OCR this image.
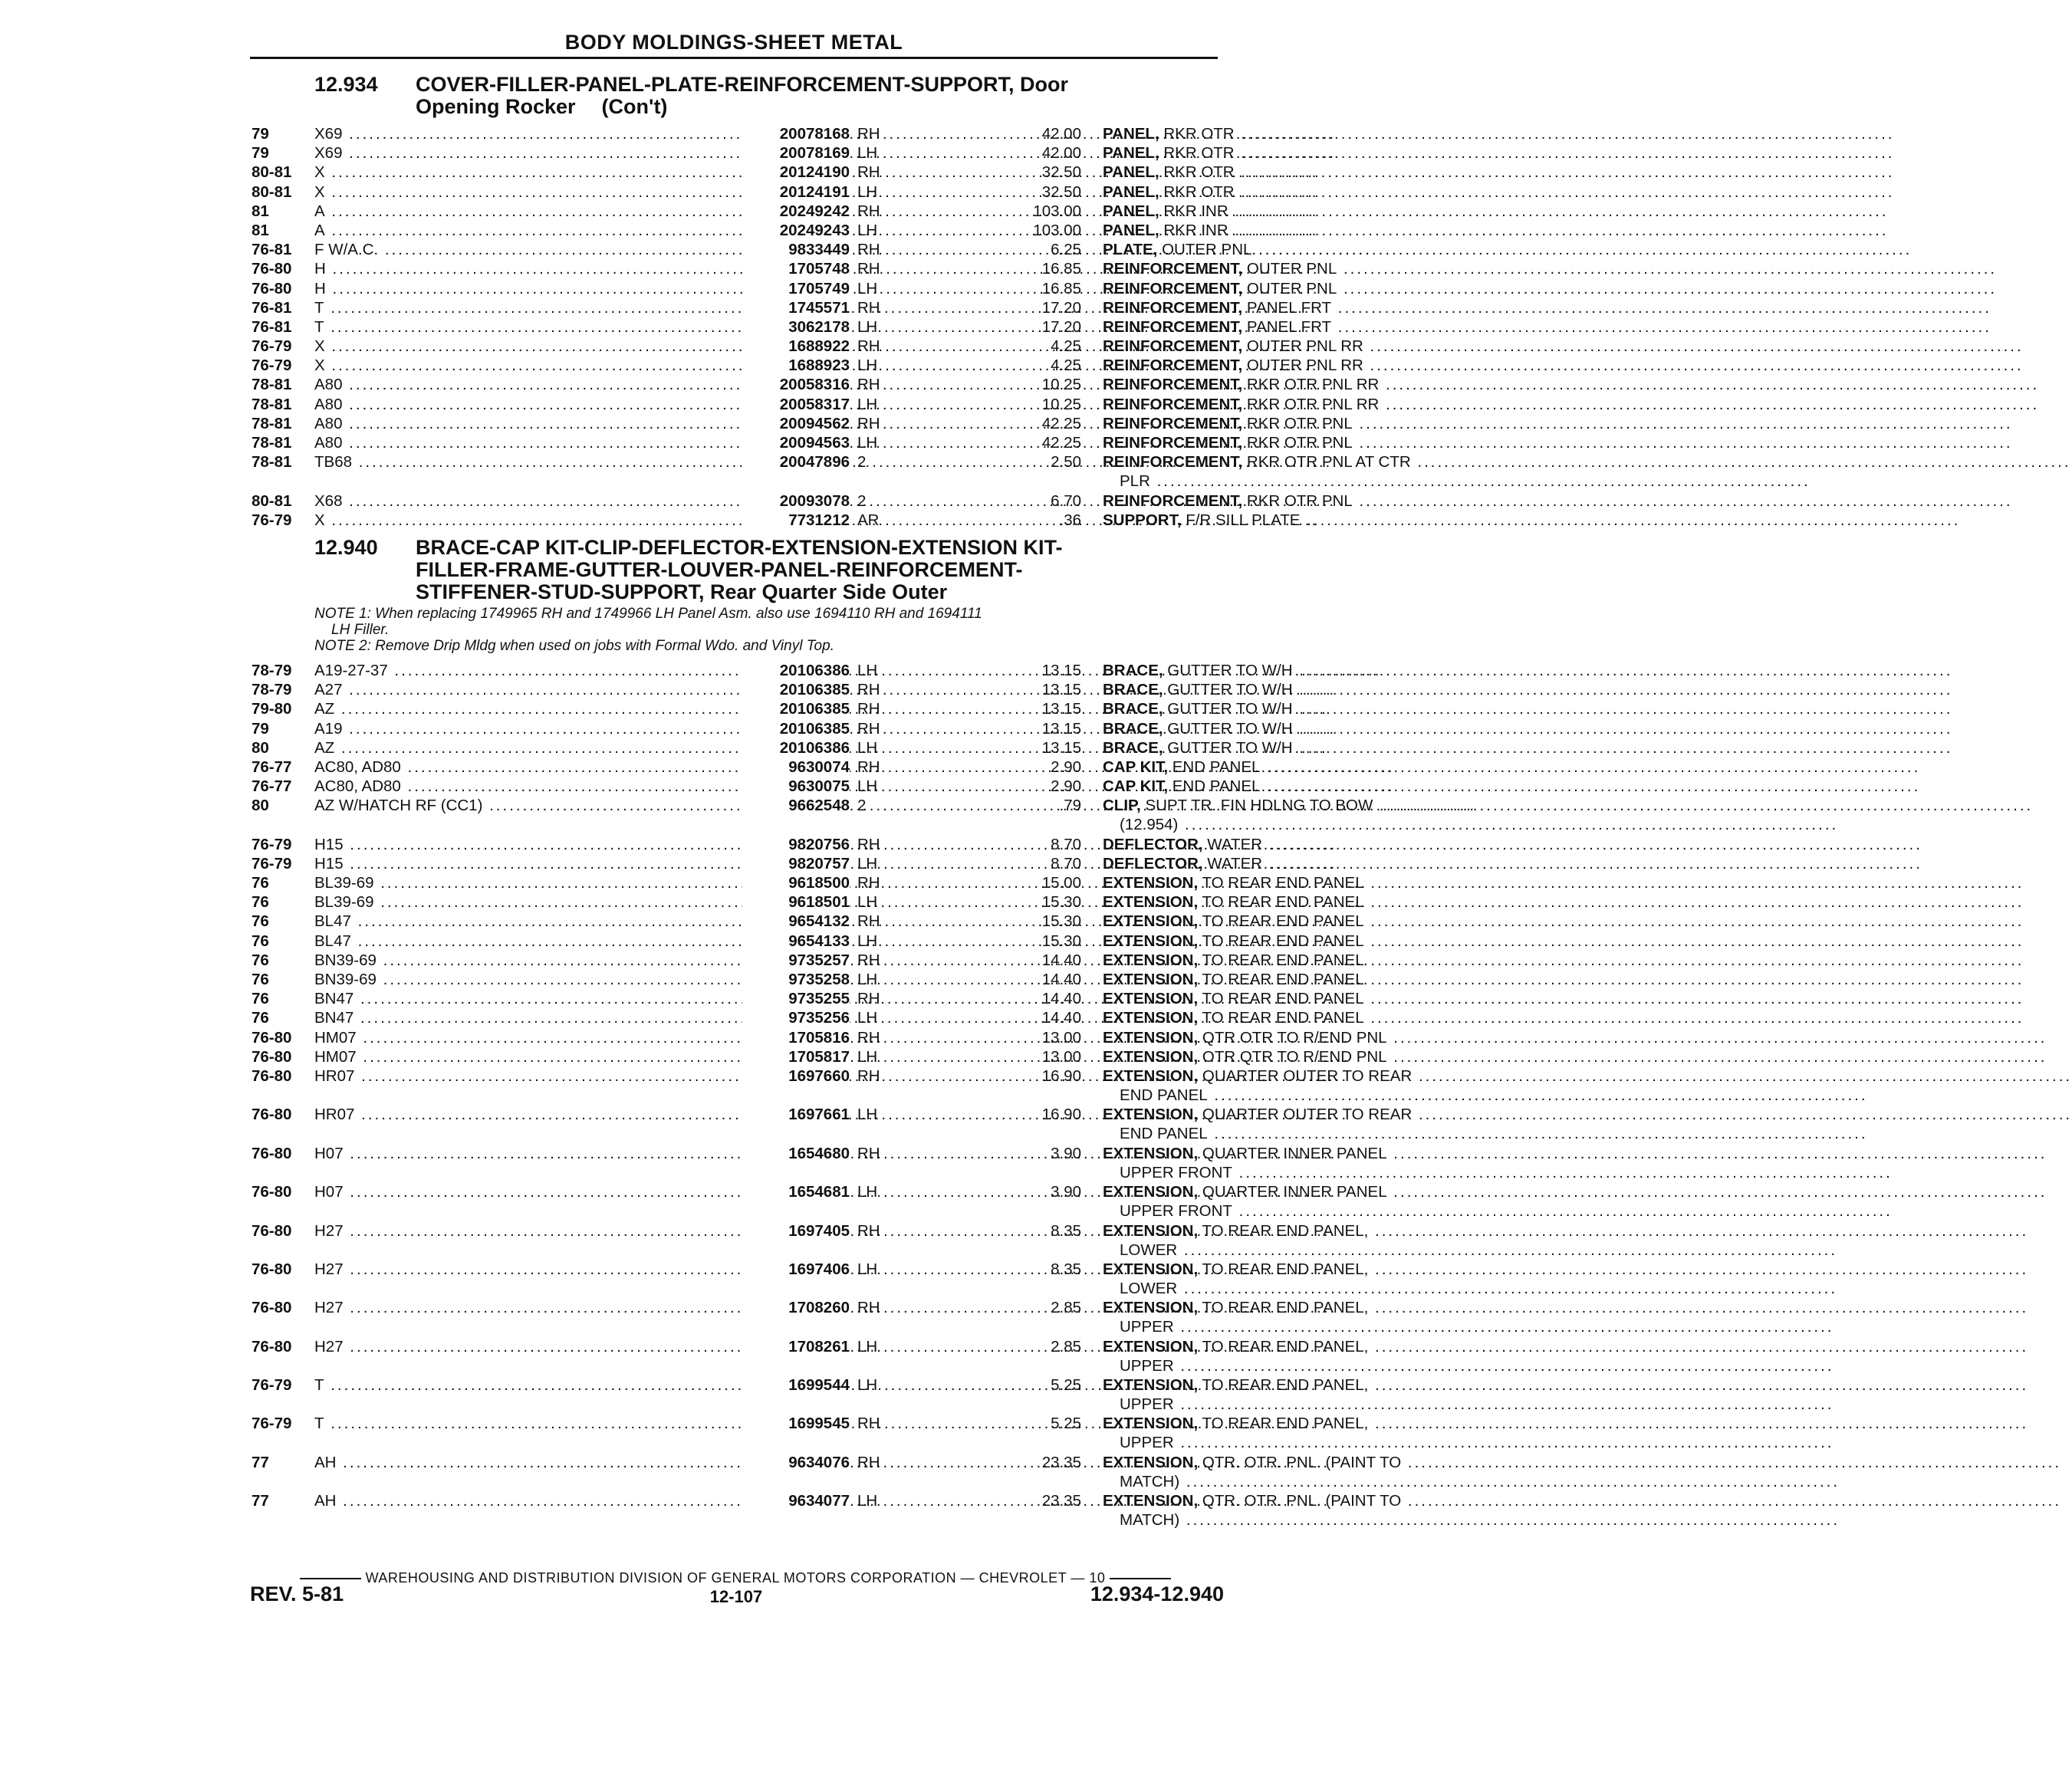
BODY MOLDINGS-SHEET METAL
12.934 COVER-FILLER-PANEL-PLATE-REINFORCEMENT-SUPPORT, Door
Opening Rocker (Con't)
79	X69 .....	20078168 RH	42.00 PANEL, RKR OTR .....
79	X69 .....	20078169 LH	42.00 PANEL, RKR OTR .....
80-81 X .....	20124190 RH	32.50 PANEL, RKR OTR .....
80-81 X .....	20124191 LH	32.50 PANEL, RKR OTR .....
81	A .....	20249242 RH	103.00 PANEL, RKR INR .....
81	A .....	20249243 LH	103.00 PANEL, RKR INR .....
76-81 F W/A.C. .....	9833449 RH	6.25 PLATE, OUTER PNL .....
76-80 H .....	1705748 RH	16.85 REINFORCEMENT, OUTER PNL .....
76-80 H .....	1705749 LH	16.85 REINFORCEMENT, OUTER PNL .....
76-81 T .....	1745571 RH	17.20 REINFORCEMENT, PANEL FRT .....
76-81 T .....	3062178 LH	17.20 REINFORCEMENT, PANEL FRT .....
76-79 X .....	1688922 RH	4.25 REINFORCEMENT, OUTER PNL RR .....
76-79 X .....	1688923 LH	4.25 REINFORCEMENT, OUTER PNL RR .....
78-81 A80 .....	20058316 RH	10.25 REINFORCEMENT, RKR OTR PNL RR .....
78-81 A80 .....	20058317 LH	10.25 REINFORCEMENT, RKR OTR PNL RR .....
78-81 A80 .....	20094562 RH	42.25 REINFORCEMENT, RKR OTR PNL .....
78-81 A80 .....	20094563 LH	42.25 REINFORCEMENT, RKR OTR PNL .....
78-81 TB68 .....	20047896 2	2.50 REINFORCEMENT, RKR OTR PNL AT CTR .....
PLR .....
80-81 X68 .....	20093078 2	6.70 REINFORCEMENT, RKR OTR PNL .....
76-79 X .....	7731212 AR	.36 SUPPORT, F/R SILL PLATE .....
12.940 BRACE-CAP KIT-CLIP-DEFLECTOR-EXTENSION-EXTENSION KIT-
FILLER-FRAME-GUTTER-LOUVER-PANEL-REINFORCEMENT-
STIFFENER-STUD-SUPPORT, Rear Quarter Side Outer
NOTE 1: When replacing 1749965 RH and 1749966 LH Panel Asm. also use 1694110 RH and 1694111
LH Filler.
NOTE 2: Remove Drip Mldg when used on jobs with Formal Wdo. and Vinyl Top.
78-79 A19-27-37 .....	20106386 LH	13.15 BRACE, GUTTER TO W/H .....
78-79 A27 .....	20106385 RH	13.15 BRACE, GUTTER TO W/H .....
79-80 AZ .....	20106385 RH	13.15 BRACE, GUTTER TO W/H .....
79	A19 .....	20106385 RH	13.15 BRACE, GUTTER TO W/H .....
80	AZ .....	20106386 LH	13.15 BRACE, GUTTER TO W/H .....
76-77 AC80, AD80 .....	9630074 RH	2.90 CAP KIT, END PANEL .....
76-77 AC80, AD80 .....	9630075 LH	2.90 CAP KIT, END PANEL .....
80	AZ W/HATCH RF (CC1) .....	9662548 2	.79 CLIP, SUPT TR. FIN HDLNG TO BOW .....
(12.954) .....
76-79 H15 .....	9820756 RH	8.70 DEFLECTOR, WATER .....
76-79 H15 .....	9820757 LH	8.70 DEFLECTOR, WATER .....
76	BL39-69 .....	9618500 RH	15.00 EXTENSION, TO REAR END PANEL .....
76	BL39-69 .....	9618501 LH	15.30 EXTENSION, TO REAR END PANEL .....
76	BL47 .....	9654132 RH	15.30 EXTENSION, TO REAR END PANEL .....
76	BL47 .....	9654133 LH	15.30 EXTENSION, TO REAR END PANEL .....
76	BN39-69 .....	9735257 RH	14.40 EXTENSION, TO REAR END PANEL .....
76	BN39-69 .....	9735258 LH	14.40 EXTENSION, TO REAR END PANEL .....
76	BN47 .....	9735255 RH	14.40 EXTENSION, TO REAR END PANEL .....
76	BN47 .....	9735256 LH	14.40 EXTENSION, TO REAR END PANEL .....
76-80 HM07 .....	1705816 RH	13.00 EXTENSION, QTR OTR TO R/END PNL .....
76-80 HM07 .....	1705817 LH	13.00 EXTENSION, OTR QTR TO R/END PNL .....
76-80 HR07 .....	1697660 RH	16.90 EXTENSION, QUARTER OUTER TO REAR .....
END PANEL .....
76-80 HR07 .....	1697661 LH	16.90 EXTENSION, QUARTER OUTER TO REAR .....
END PANEL .....
76-80 H07 .....	1654680 RH	3.90 EXTENSION, QUARTER INNER PANEL .....
UPPER FRONT .....
76-80 H07 .....	1654681 LH	3.90 EXTENSION, QUARTER INNER PANEL .....
UPPER FRONT .....
76-80 H27 .....	1697405 RH	8.35 EXTENSION, TO REAR END PANEL, .....
LOWER .....
76-80 H27 .....	1697406 LH	8.35 EXTENSION, TO REAR END PANEL, .....
LOWER .....
76-80 H27 .....	1708260 RH	2.85 EXTENSION, TO REAR END PANEL, .....
UPPER .....
76-80 H27 .....	1708261 LH	2.85 EXTENSION, TO REAR END PANEL, .....
UPPER .....
76-79 T .....	1699544 LH	5.25 EXTENSION, TO REAR END PANEL, .....
UPPER .....
76-79 T .....	1699545 RH	5.25 EXTENSION, TO REAR END PANEL, .....
UPPER .....
77	AH .....	9634076 RH	23.35 EXTENSION, QTR. OTR. PNL. (PAINT TO .....
MATCH) .....
77	AH .....	9634077 LH	23.35 EXTENSION, QTR. OTR. PNL. (PAINT TO .....
MATCH) .....
WAREHOUSING AND DISTRIBUTION DIVISION OF GENERAL MOTORS CORPORATION — CHEVROLET — 10
REV. 5-81	12-107	12.934-12.940
